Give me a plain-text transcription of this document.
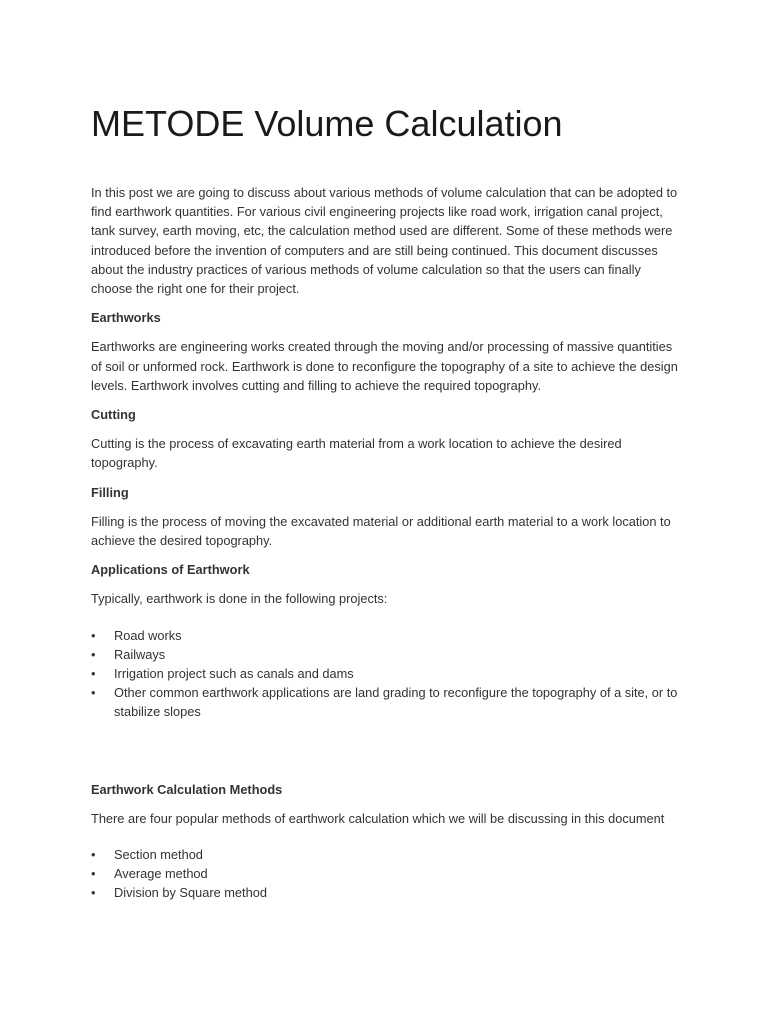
METODE Volume Calculation

In this post we are going to discuss about various methods of volume calculation that can be adopted to find earthwork quantities. For various civil engineering projects like road work, irrigation canal project, tank survey, earth moving, etc, the calculation method used are different. Some of these methods were introduced before the invention of computers and are still being continued. This document discusses about the industry practices of various methods of volume calculation so that the users can finally choose the right one for their project.

Earthworks

Earthworks are engineering works created through the moving and/or processing of massive quantities of soil or unformed rock. Earthwork is done to reconfigure the topography of a site to achieve the design levels. Earthwork involves cutting and filling to achieve the required topography.

Cutting

Cutting is the process of excavating earth material from a work location to achieve the desired topography.

Filling

Filling is the process of moving the excavated material or additional earth material to a work location to achieve the desired topography.

Applications of Earthwork

Typically, earthwork is done in the following projects:

•	Road works
•	Railways
•	Irrigation project such as canals and dams
•	Other common earthwork applications are land grading to reconfigure the topography of a site, or to stabilize slopes
Earthwork Calculation Methods

There are four popular methods of earthwork calculation which we will be discussing in this document

•	Section method
•	Average method
•	Division by Square method
